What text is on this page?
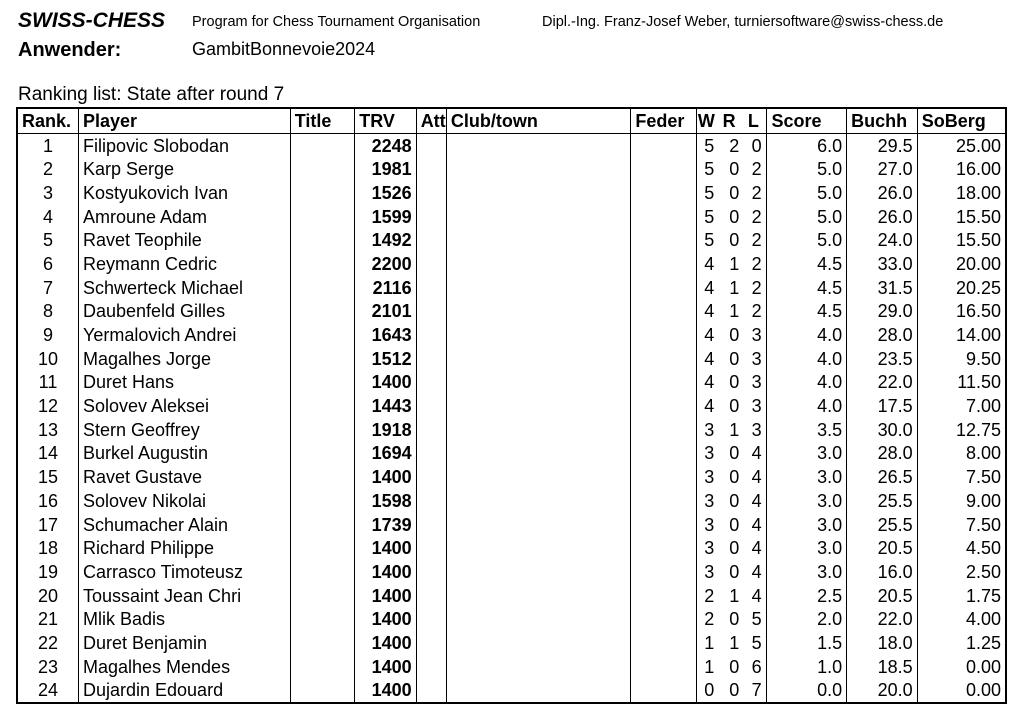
SWISS-CHESS Program for Chess Tournament Organisation	Dipl.-Ing. Franz-Josef Weber, turniersoftware@swiss-chess.de
Anwender:	GambitBonnevoie2024
Ranking list: State after round 7
Rank.	Player	Title	TRV	Att	Club/town	Feder	W	R	L	Score	Buchh	SoBerg
1	Filipovic Slobodan		2248				5	2	0	6.0	29.5	25.00
2	Karp Serge		1981				5	0	2	5.0	27.0	16.00
3	Kostyukovich Ivan		1526				5	0	2	5.0	26.0	18.00
4	Amroune Adam		1599				5	0	2	5.0	26.0	15.50
5	Ravet Teophile		1492				5	0	2	5.0	24.0	15.50
6	Reymann Cedric		2200				4	1	2	4.5	33.0	20.00
7	Schwerteck Michael		2116				4	1	2	4.5	31.5	20.25
8	Daubenfeld Gilles		2101				4	1	2	4.5	29.0	16.50
9	Yermalovich Andrei		1643				4	0	3	4.0	28.0	14.00
10	Magalhes Jorge		1512				4	0	3	4.0	23.5	9.50
11	Duret Hans		1400				4	0	3	4.0	22.0	11.50
12	Solovev Aleksei		1443				4	0	3	4.0	17.5	7.00
13	Stern Geoffrey		1918				3	1	3	3.5	30.0	12.75
14	Burkel Augustin		1694				3	0	4	3.0	28.0	8.00
15	Ravet Gustave		1400				3	0	4	3.0	26.5	7.50
16	Solovev Nikolai		1598				3	0	4	3.0	25.5	9.00
17	Schumacher Alain		1739				3	0	4	3.0	25.5	7.50
18	Richard Philippe		1400				3	0	4	3.0	20.5	4.50
19	Carrasco Timoteusz		1400				3	0	4	3.0	16.0	2.50
20	Toussaint Jean Chri		1400				2	1	4	2.5	20.5	1.75
21	Mlik Badis		1400				2	0	5	2.0	22.0	4.00
22	Duret Benjamin		1400				1	1	5	1.5	18.0	1.25
23	Magalhes Mendes		1400				1	0	6	1.0	18.5	0.00
24	Dujardin Edouard		1400				0	0	7	0.0	20.0	0.00
